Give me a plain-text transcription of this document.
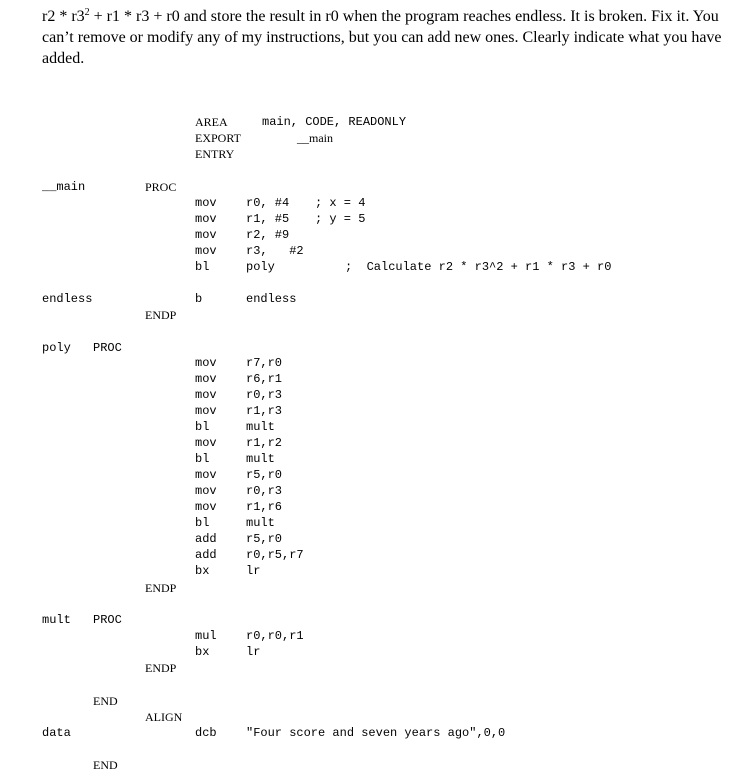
$r2 * r3^2 + r1 * r3 + r0$ and store the result in r0 when the program reaches endless. It is broken. Fix it. You can’t remove or modify any of my instructions, but you can add new ones. Clearly indicate what you have added.

AREA	main, CODE, READONLY
EXPORT	__main
ENTRY
__main	PROC
mov r0, #4 ; x = 4
mov r1, #5 ; y = 5
mov r2, #9
mov r3,   #2
bl	poly	;  Calculate r2 * r3^2 + r1 * r3 + r0
endless	b	endless
ENDP
poly PROC
mov r7,r0
mov r6,r1
mov r0,r3
mov r1,r3
bl	mult
mov r1,r2
bl	mult
mov r5,r0
mov r0,r3
mov r1,r6
bl	mult
add r5,r0
add r0,r5,r7
bx	lr
ENDP
mult PROC
mul r0,r0,r1
bx	lr
ENDP
END
ALIGN
data	dcb "Four score and seven years ago",0,0
END
